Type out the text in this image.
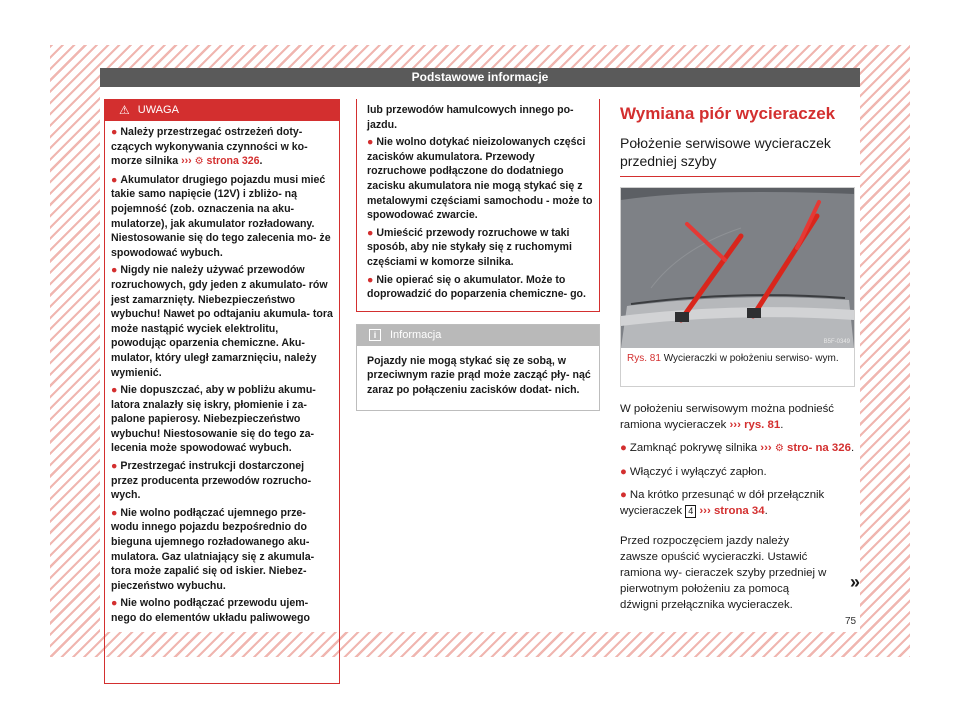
Podstawowe informacje
⚠ UWAGA
● Należy przestrzegać ostrzeżeń doty- czących wykonywania czynności w ko- morze silnika ››› ⚙ strona 326.
● Akumulator drugiego pojazdu musi mieć takie samo napięcie (12V) i zbliżo- ną pojemność (zob. oznaczenia na aku- mulatorze), jak akumulator rozładowany. Niestosowanie się do tego zalecenia mo- że spowodować wybuch.
● Nigdy nie należy używać przewodów rozruchowych, gdy jeden z akumulato- rów jest zamarznięty. Niebezpieczeństwo wybuchu! Nawet po odtajaniu akumula- tora może nastąpić wyciek elektrolitu, powodując oparzenia chemiczne. Aku- mulator, który uległ zamarznięciu, należy wymienić.
● Nie dopuszczać, aby w pobliżu akumu- latora znalazły się iskry, płomienie i za- palone papierosy. Niebezpieczeństwo wybuchu! Niestosowanie się do tego za- lecenia może spowodować wybuch.
● Przestrzegać instrukcji dostarczonej przez producenta przewodów rozrucho- wych.
● Nie wolno podłączać ujemnego prze- wodu innego pojazdu bezpośrednio do bieguna ujemnego rozładowanego aku- mulatora. Gaz ulatniający się z akumula- tora może zapalić się od iskier. Niebez- pieczeństwo wybuchu.
● Nie wolno podłączać przewodu ujem- nego do elementów układu paliwowego
lub przewodów hamulcowych innego po- jazdu.
● Nie wolno dotykać nieizolowanych części zacisków akumulatora. Przewody rozruchowe podłączone do dodatniego zacisku akumulatora nie mogą stykać się z metalowymi częściami samochodu - może to spowodować zwarcie.
● Umieścić przewody rozruchowe w taki sposób, aby nie stykały się z ruchomymi częściami w komorze silnika.
● Nie opierać się o akumulator. Może to doprowadzić do poparzenia chemiczne- go.
i	Informacja
Pojazdy nie mogą stykać się ze sobą, w przeciwnym razie prąd może zacząć pły- nąć zaraz po połączeniu zacisków dodat- nich.
Wymiana piór wycieraczek
Położenie serwisowe wycieraczek przedniej szyby
B5F-0349
Rys. 81 Wycieraczki w położeniu serwiso- wym.
W położeniu serwisowym można podnieść ramiona wycieraczek ››› rys. 81.
● Zamknąć pokrywę silnika ››› ⚙ stro- na 326.
● Włączyć i wyłączyć zapłon.
● Na krótko przesunąć w dół przełącznik wycieraczek 4 ››› strona 34.
Przed rozpoczęciem jazdy należy zawsze opuścić wycieraczki. Ustawić ramiona wy- cieraczek szyby przedniej w pierwotnym położeniu za pomocą dźwigni przełącznika wycieraczek.
»
75
